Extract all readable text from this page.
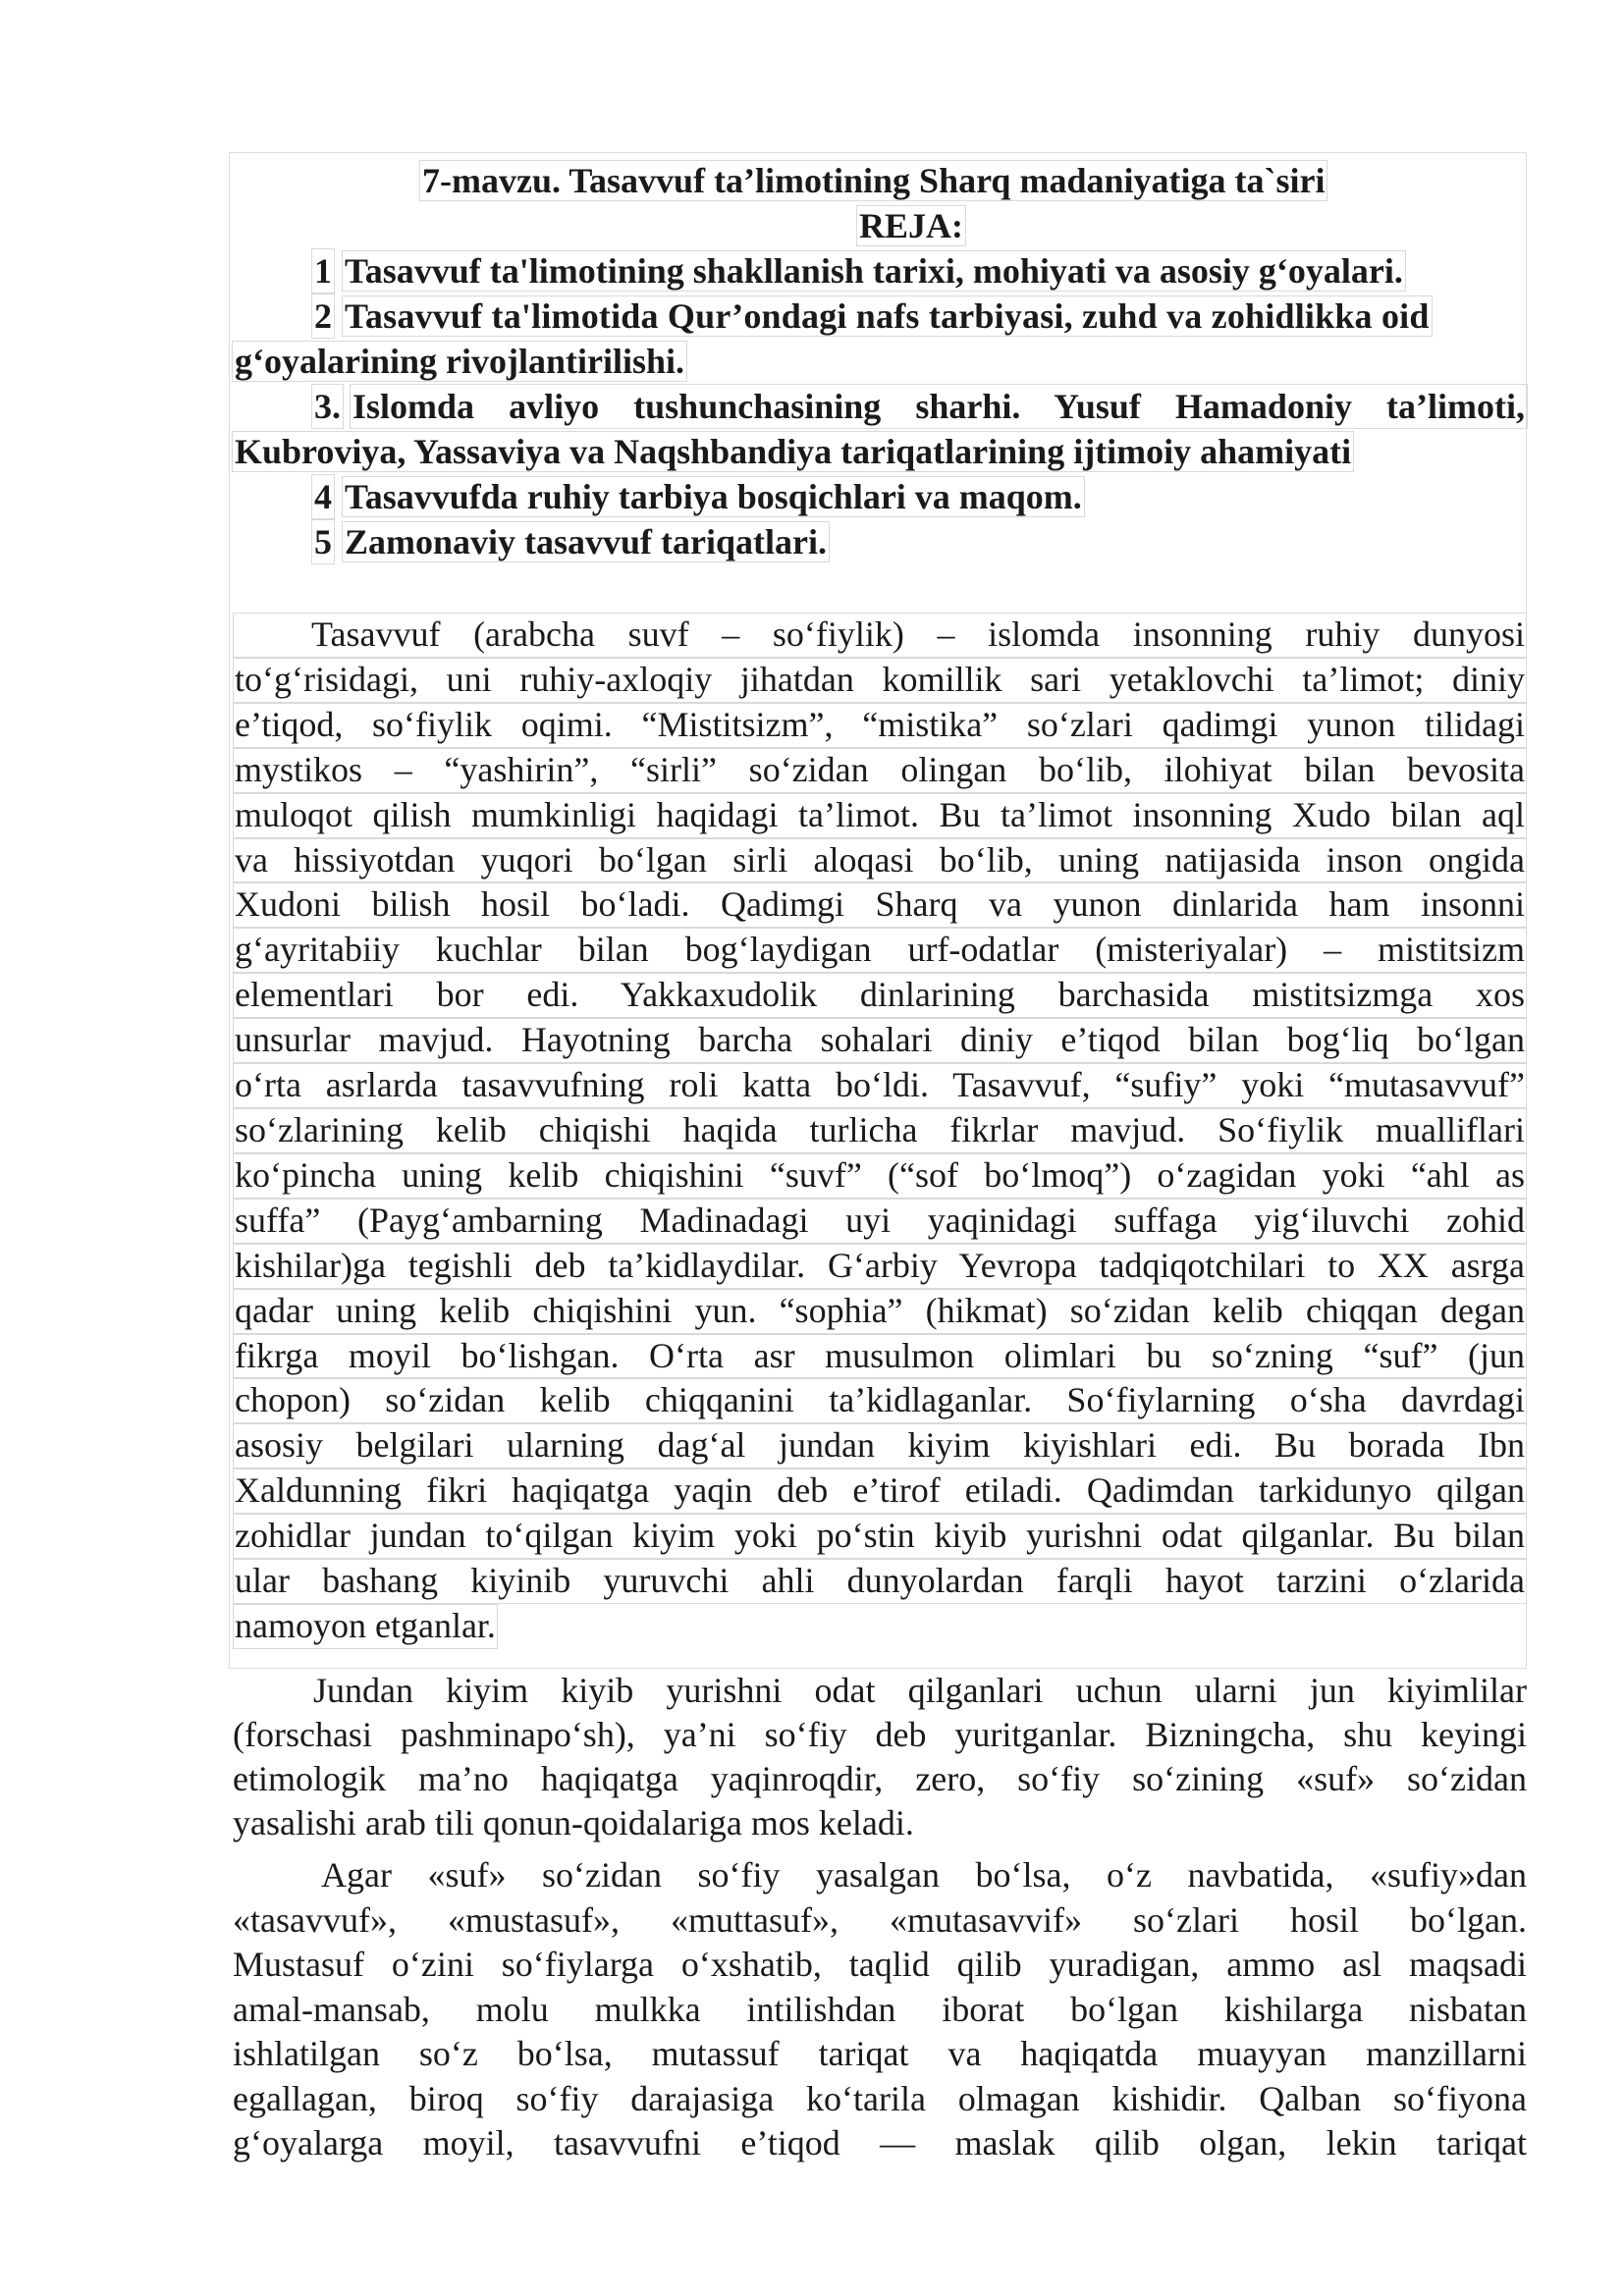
7-mavzu. Tasavvuf ta’limotining Sharq madaniyatiga ta`siri
REJA:
1 Tasavvuf ta'limotining shakllanish tarixi, mohiyati va asosiy g‘oyalari.
2 Tasavvuf ta'limotida Qur’ondagi nafs tarbiyasi, zuhd va zohidlikka oid
g‘oyalarining rivojlantirilishi.
3. Islomda avliyo tushunchasining sharhi. Yusuf Hamadoniy ta’limoti,
Kubroviya, Yassaviya va Naqshbandiya tariqatlarining ijtimoiy ahamiyati
4 Tasavvufda ruhiy tarbiya bosqichlari va maqom.
5 Zamonaviy tasavvuf tariqatlari.
Tasavvuf (arabcha suvf – so‘fiylik) – islomda insonning ruhiy dunyosi
to‘g‘risidagi, uni ruhiy-axloqiy jihatdan komillik sari yetaklovchi ta’limot; diniy
e’tiqod, so‘fiylik oqimi. “Mistitsizm”, “mistika” so‘zlari qadimgi yunon tilidagi
mystikos – “yashirin”, “sirli” so‘zidan olingan bo‘lib, ilohiyat bilan bevosita
muloqot qilish mumkinligi haqidagi ta’limot. Bu ta’limot insonning Xudo bilan aql
va hissiyotdan yuqori bo‘lgan sirli aloqasi bo‘lib, uning natijasida inson ongida
Xudoni bilish hosil bo‘ladi. Qadimgi Sharq va yunon dinlarida ham insonni
g‘ayritabiiy kuchlar bilan bog‘laydigan urf-odatlar (misteriyalar) – mistitsizm
elementlari bor edi. Yakkaxudolik dinlarining barchasida mistitsizmga xos
unsurlar mavjud. Hayotning barcha sohalari diniy e’tiqod bilan bog‘liq bo‘lgan
o‘rta asrlarda tasavvufning roli katta bo‘ldi. Tasavvuf, “sufiy” yoki “mutasavvuf”
so‘zlarining kelib chiqishi haqida turlicha fikrlar mavjud. So‘fiylik mualliflari
ko‘pincha uning kelib chiqishini “suvf” (“sof bo‘lmoq”) o‘zagidan yoki “ahl as
suffa” (Payg‘ambarning Madinadagi uyi yaqinidagi suffaga yig‘iluvchi zohid
kishilar)ga tegishli deb ta’kidlaydilar. G‘arbiy Yevropa tadqiqotchilari to XX asrga
qadar uning kelib chiqishini yun. “sophia” (hikmat) so‘zidan kelib chiqqan degan
fikrga moyil bo‘lishgan. O‘rta asr musulmon olimlari bu so‘zning “suf” (jun
chopon) so‘zidan kelib chiqqanini ta’kidlaganlar. So‘fiylarning o‘sha davrdagi
asosiy belgilari ularning dag‘al jundan kiyim kiyishlari edi. Bu borada Ibn
Xaldunning fikri haqiqatga yaqin deb e’tirof etiladi. Qadimdan tarkidunyo qilgan
zohidlar jundan to‘qilgan kiyim yoki po‘stin kiyib yurishni odat qilganlar. Bu bilan
ular bashang kiyinib yuruvchi ahli dunyolardan farqli hayot tarzini o‘zlarida
namoyon etganlar.
Jundan kiyim kiyib yurishni odat qilganlari uchun ularni jun kiyimlilar
(forschasi pashminapo‘sh), ya’ni so‘fiy deb yuritganlar. Bizningcha, shu keyingi
etimologik ma’no haqiqatga yaqinroqdir, zero, so‘fiy so‘zining «suf» so‘zidan
yasalishi arab tili qonun-qoidalariga mos keladi.
Agar «suf» so‘zidan so‘fiy yasalgan bo‘lsa, o‘z navbatida, «sufiy»dan
«tasavvuf», «mustasuf», «muttasuf», «mutasavvif» so‘zlari hosil bo‘lgan.
Mustasuf o‘zini so‘fiylarga o‘xshatib, taqlid qilib yuradigan, ammo asl maqsadi
amal-mansab, molu mulkka intilishdan iborat bo‘lgan kishilarga nisbatan
ishlatilgan so‘z bo‘lsa, mutassuf tariqat va haqiqatda muayyan manzillarni
egallagan, biroq so‘fiy darajasiga ko‘tarila olmagan kishidir. Qalban so‘fiyona
g‘oyalarga moyil, tasavvufni e’tiqod — maslak qilib olgan, lekin tariqat
